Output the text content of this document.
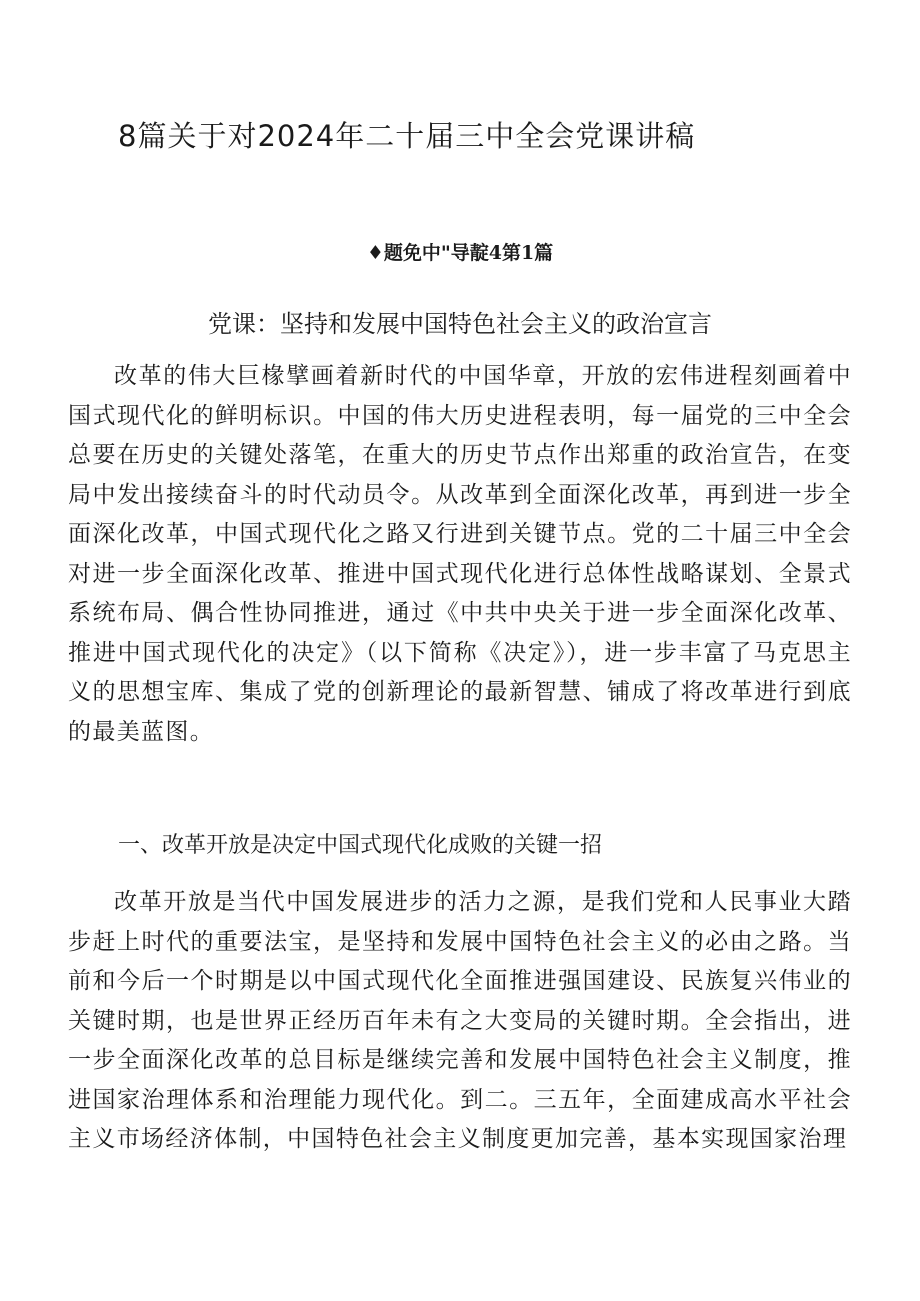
8篇关于对2024年二十届三中全会党课讲稿
♦题免中"导靛4第1篇
党课：坚持和发展中国特色社会主义的政治宣言

改革的伟大巨椽擘画着新时代的中国华章，开放的宏伟进程刻画着中国式现代化的鲜明标识。中国的伟大历史进程表明，每一届党的三中全会总要在历史的关键处落笔，在重大的历史节点作出郑重的政治宣告，在变局中发出接续奋斗的时代动员令。从改革到全面深化改革，再到进一步全面深化改革，中国式现代化之路又行进到关键节点。党的二十届三中全会对进一步全面深化改革、推进中国式现代化进行总体性战略谋划、全景式系统布局、偶合性协同推进，通过《中共中央关于进一步全面深化改革、推进中国式现代化的决定》（以下简称《决定》），进一步丰富了马克思主义的思想宝库、集成了党的创新理论的最新智慧、铺成了将改革进行到底的最美蓝图。

一、改革开放是决定中国式现代化成败的关键一招

改革开放是当代中国发展进步的活力之源，是我们党和人民事业大踏步赶上时代的重要法宝，是坚持和发展中国特色社会主义的必由之路。当前和今后一个时期是以中国式现代化全面推进强国建设、民族复兴伟业的关键时期，也是世界正经历百年未有之大变局的关键时期。全会指出，进一步全面深化改革的总目标是继续完善和发展中国特色社会主义制度，推进国家治理体系和治理能力现代化。到二。三五年，全面建成高水平社会主义市场经济体制，中国特色社会主义制度更加完善，基本实现国家治理
